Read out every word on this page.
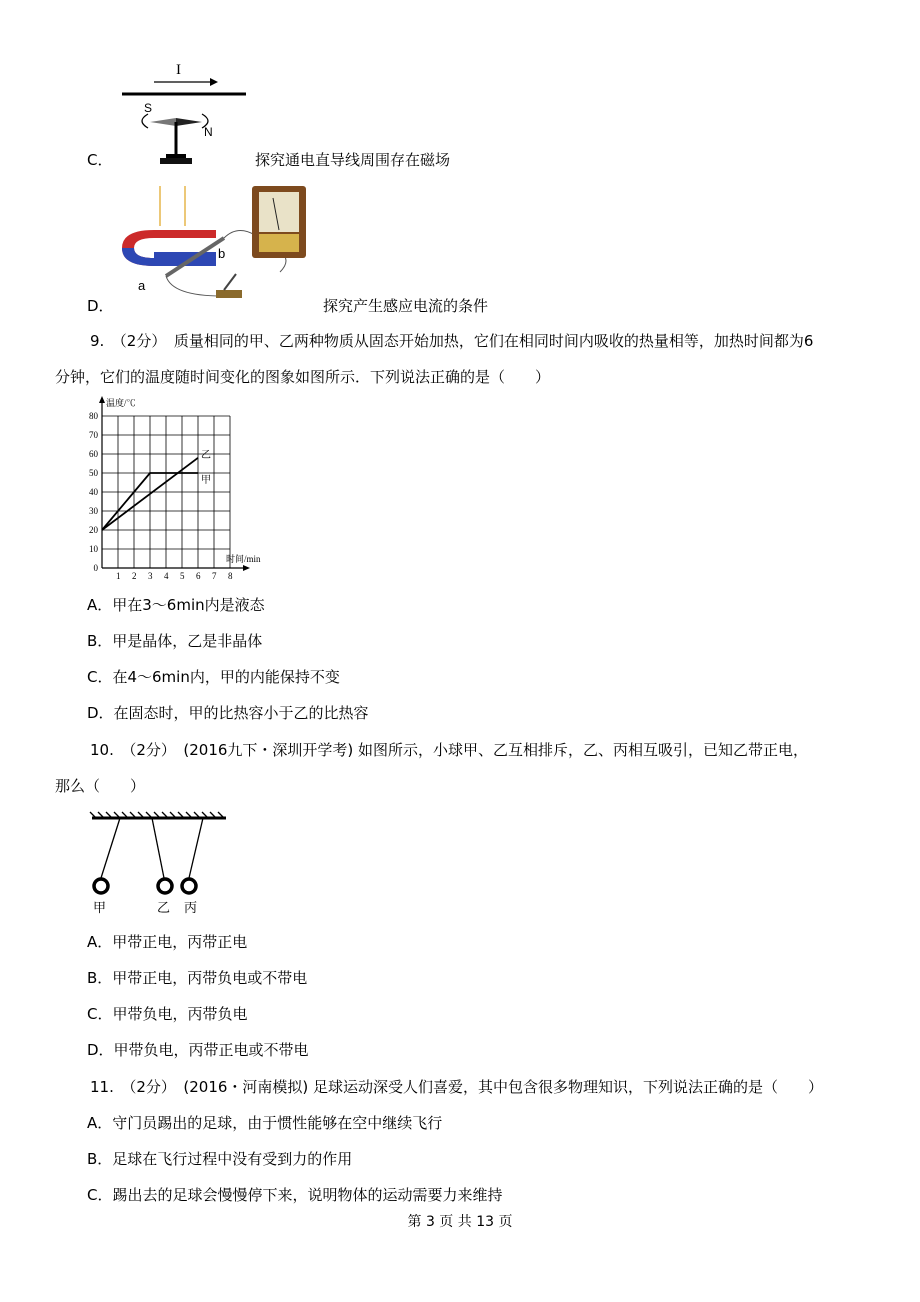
I
S
N
C．	探究通电直导线周围存在磁场
a
b
D．	探究产生感应电流的条件
9.　（2分）　质量相同的甲、乙两种物质从固态开始加热，它们在相同时间内吸收的热量相等，加热时间都为6
分钟，它们的温度随时间变化的图象如图所示．下列说法正确的是（　　）
1 2 3 4 5 6 7 8
0
10
20
30
40
50
60
70
80
温度/℃
时间/min
甲
乙
A．甲在3～6min内是液态
B．甲是晶体，乙是非晶体
C．在4～6min内，甲的内能保持不变
D．在固态时，甲的比热容小于乙的比热容
10.　（2分）　(2016九下・深圳开学考) 如图所示，小球甲、乙互相排斥，乙、丙相互吸引，已知乙带正电，
那么（　　）
甲	乙 丙
A．甲带正电，丙带正电
B．甲带正电，丙带负电或不带电
C．甲带负电，丙带负电
D．甲带负电，丙带正电或不带电
11.　（2分）　(2016・河南模拟) 足球运动深受人们喜爱，其中包含很多物理知识，下列说法正确的是（　　）
A．守门员踢出的足球，由于惯性能够在空中继续飞行
B．足球在飞行过程中没有受到力的作用
C．踢出去的足球会慢慢停下来，说明物体的运动需要力来维持
第 3 页 共 13 页
